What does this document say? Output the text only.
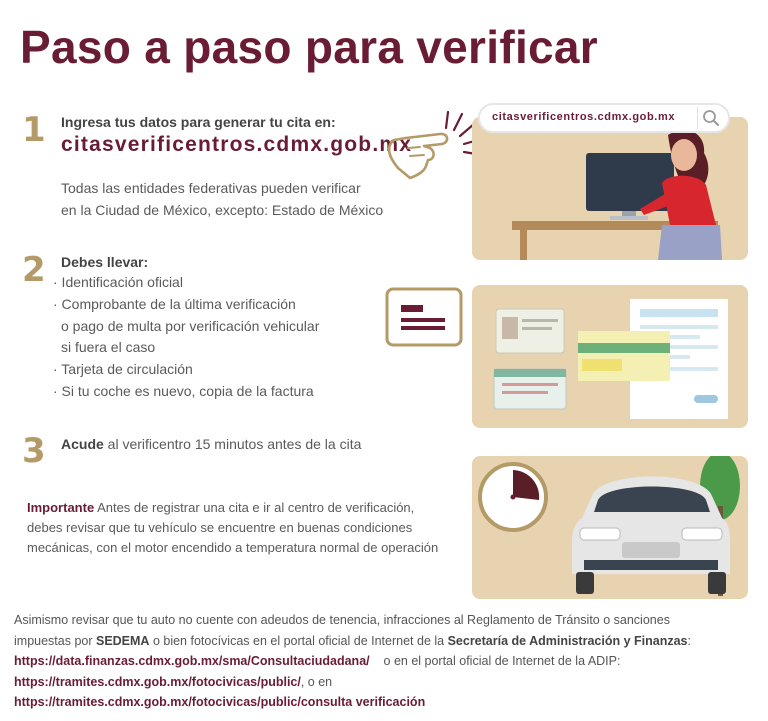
Paso a paso para verificar
1 Ingresa tus datos para generar tu cita en:
citasverificentros.cdmx.gob.mx
Todas las entidades federativas pueden verificar
en la Ciudad de México, excepto: Estado de México
citasverificentros.cdmx.gob.mx
2 Debes llevar:
· Identificación oficial
· Comprobante de la última verificación
o pago de multa por verificación vehicular
si fuera el caso
· Tarjeta de circulación
· Si tu coche es nuevo, copia de la factura
3 Acude al verificentro 15 minutos antes de la cita
Importante Antes de registrar una cita e ir al centro de verificación,
debes revisar que tu vehículo se encuentre en buenas condiciones
mecánicas, con el motor encendido a temperatura normal de operación
Asimismo revisar que tu auto no cuente con adeudos de tenencia, infracciones al Reglamento de Tránsito o sanciones
impuestas por SEDEMA o bien fotocívicas en el portal oficial de Internet de la Secretaría de Administración y Finanzas:
https://data.finanzas.cdmx.gob.mx/sma/Consultaciudadana/    o en el portal oficial de Internet de la ADIP:
https://tramites.cdmx.gob.mx/fotocivicas/public/, o en
https://tramites.cdmx.gob.mx/fotocivicas/public/consulta verificación
